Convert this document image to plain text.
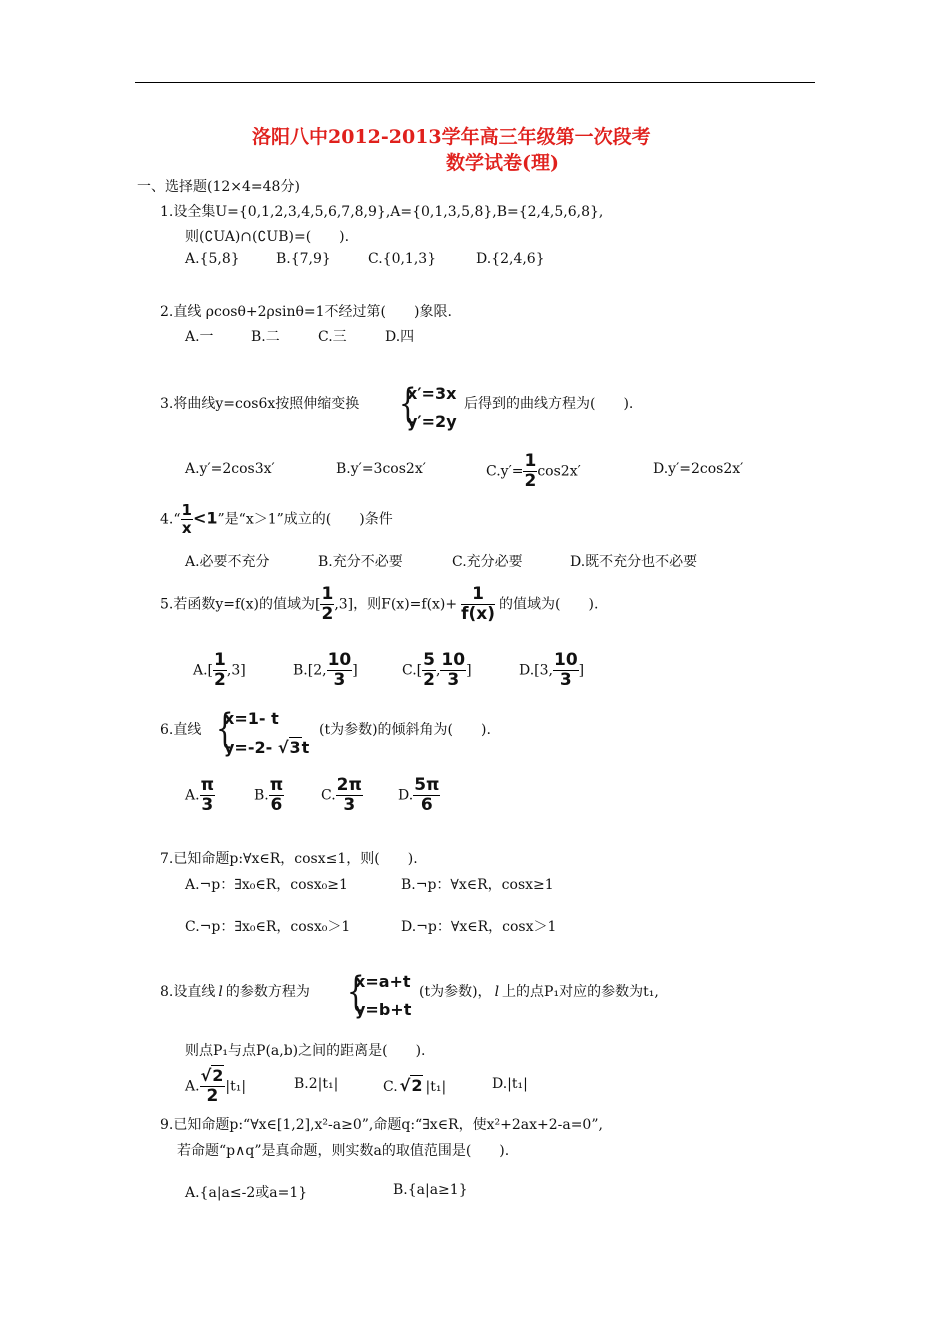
洛阳八中2012-2013学年高三年级第一次段考
数学试卷(理)
一、选择题(12×4=48分)
1.设全集U={0,1,2,3,4,5,6,7,8,9},A={0,1,3,5,8},B={2,4,5,6,8},
则(∁UA)∩(∁UB)=(　　).
A.{5,8}	B.{7,9}	C.{0,1,3}	D.{2,4,6}
2.直线 ρcosθ+2ρsinθ=1不经过第(　　)象限.
A.一	B.二	C.三	D.四
3.将曲线y=cos6x按照伸缩变换 {
x′=3x
y′=2y
后得到的曲线方程为(　　).
A.y′=2cos3x′	B.y′=3cos2x′	$C.y'= \frac{1}{2} \cos 2x'$	D.y′=2cos2x′
4.“ $\frac{1}{x} <1$”是“x＞1”成立的(　　)条件
A.必要不充分	B.充分不必要	C.充分必要	D.既不充分也不必要
5.若函数y=f(x)的值域为[ $\frac{1}{2} ,3$]，则$F(x)=f(x)+ \frac{1}{f(x)}$ 的值域为(　　).
$A.[ \frac{1}{2} ,3]$	B.[2, $\frac{10}{3}$ ]	$C.[ \frac{5}{2}$ , $\frac{10}{3}$ ]	D.[3, $\frac{10}{3}$ ]
6.直线 {
x=1- t
y=-2- √3t
(t为参数)的倾斜角为(　　).
A. $\frac{\pi}{3}$	B. $\frac{\pi}{6}$	C. $\frac{2\pi}{3}$	D. $\frac{5\pi}{6}$
7.已知命题p:∀x∈R，cosx≤1，则(　　).
A.¬p：∃x₀∈R，cosx₀≥1	B.¬p：∀x∈R，cosx≥1
C.¬p：∃x₀∈R，cosx₀＞1	D.¬p：∀x∈R，cosx＞1
8.设直线 l 的参数方程为 {
x=a+t
y=b+t
(t为参数)， l 上的点P₁对应的参数为t₁,
则点P₁与点P(a,b)之间的距离是(　　).
A. $\frac{√2}{2} |t_1|$	B.2|t₁|	C. √2 |t₁|	D.|t₁|
9.已知命题p:“∀x∈[1,2],x²-a≥0”,命题q:“∃x∈R，使x²+2ax+2-a=0”,
若命题“p∧q”是真命题，则实数a的取值范围是(　　).
A.{a|a≤-2或a=1}	B.{a|a≥1}
